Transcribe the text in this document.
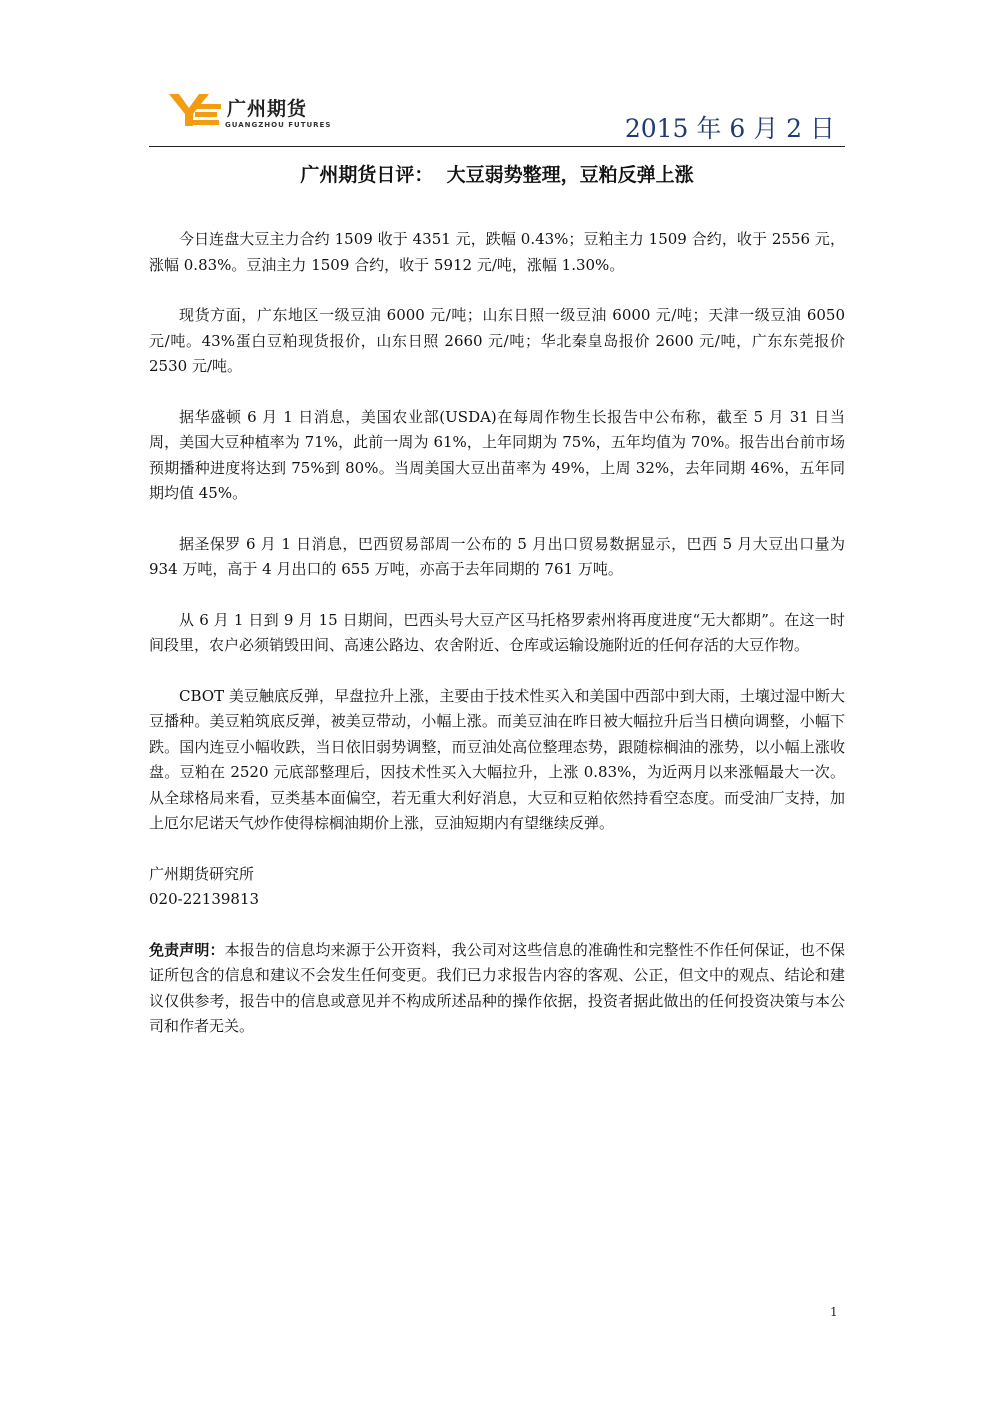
广州期货
GUANGZHOU FUTURES	2015 年 6 月 2 日
广州期货日评：  大豆弱势整理，豆粕反弹上涨

今日连盘大豆主力合约 1509 收于 4351 元，跌幅 0.43%；豆粕主力 1509 合约，收于 2556 元，涨幅 0.83%。豆油主力 1509 合约，收于 5912 元/吨，涨幅 1.30%。

现货方面，广东地区一级豆油 6000 元/吨；山东日照一级豆油 6000 元/吨；天津一级豆油 6050 元/吨。43%蛋白豆粕现货报价，山东日照 2660 元/吨；华北秦皇岛报价 2600 元/吨，广东东莞报价 2530 元/吨。

据华盛顿 6 月 1 日消息，美国农业部(USDA)在每周作物生长报告中公布称，截至 5 月 31 日当周，美国大豆种植率为 71%，此前一周为 61%，上年同期为 75%，五年均值为 70%。报告出台前市场预期播种进度将达到 75%到 80%。当周美国大豆出苗率为 49%，上周 32%，去年同期 46%，五年同期均值 45%。

据圣保罗 6 月 1 日消息，巴西贸易部周一公布的 5 月出口贸易数据显示，巴西 5 月大豆出口量为 934 万吨，高于 4 月出口的 655 万吨，亦高于去年同期的 761 万吨。

从 6 月 1 日到 9 月 15 日期间，巴西头号大豆产区马托格罗索州将再度进度“无大都期”。在这一时间段里，农户必须销毁田间、高速公路边、农舍附近、仓库或运输设施附近的任何存活的大豆作物。

CBOT 美豆触底反弹，早盘拉升上涨，主要由于技术性买入和美国中西部中到大雨，土壤过湿中断大豆播种。美豆粕筑底反弹，被美豆带动，小幅上涨。而美豆油在昨日被大幅拉升后当日横向调整，小幅下跌。国内连豆小幅收跌，当日依旧弱势调整，而豆油处高位整理态势，跟随棕榈油的涨势，以小幅上涨收盘。豆粕在 2520 元底部整理后，因技术性买入大幅拉升，上涨 0.83%，为近两月以来涨幅最大一次。从全球格局来看，豆类基本面偏空，若无重大利好消息，大豆和豆粕依然持看空态度。而受油厂支持，加上厄尔尼诺天气炒作使得棕榈油期价上涨，豆油短期内有望继续反弹。

广州期货研究所

020-22139813

免责声明：本报告的信息均来源于公开资料，我公司对这些信息的准确性和完整性不作任何保证，也不保证所包含的信息和建议不会发生任何变更。我们已力求报告内容的客观、公正，但文中的观点、结论和建议仅供参考，报告中的信息或意见并不构成所述品种的操作依据，投资者据此做出的任何投资决策与本公司和作者无关。

1
